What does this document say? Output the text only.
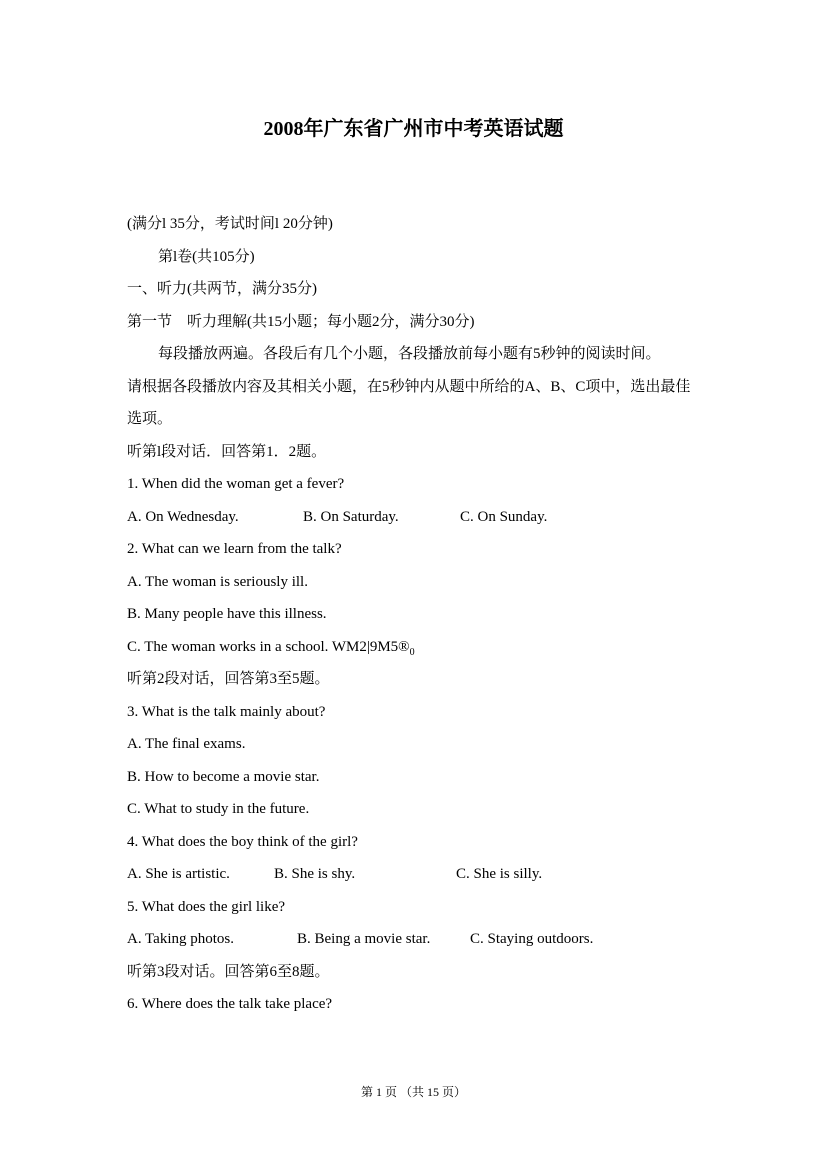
2008年广东省广州市中考英语试题
(满分l 35分，考试时间l 20分钟)
第l卷(共105分)
一、听力(共两节，满分35分)
第一节　听力理解(共15小题；每小题2分，满分30分)
每段播放两遍。各段后有几个小题，各段播放前每小题有5秒钟的阅读时间。
请根据各段播放内容及其相关小题，在5秒钟内从题中所给的A、B、C项中，选出最佳选项。
听第l段对话．回答第1．2题。
1. When did the woman get a fever?
A. On Wednesday.	B. On Saturday.	C. On Sunday.
2. What can we learn from the talk?
A. The woman is seriously ill.
B. Many people have this illness.
C. The woman works in a school. $WM2|9M5®_0$
听第2段对话，回答第3至5题。
3. What is the talk mainly about?
A. The final exams.
B. How to become a movie star.
C. What to study in the future.
4. What does the boy think of the girl?
A. She is artistic.	B. She is shy.	C. She is silly.
5. What does the girl like?
A. Taking photos.	B. Being a movie star.	C. Staying outdoors.
听第3段对话。回答第6至8题。
6. Where does the talk take place?
第 1 页 （共 15 页）
